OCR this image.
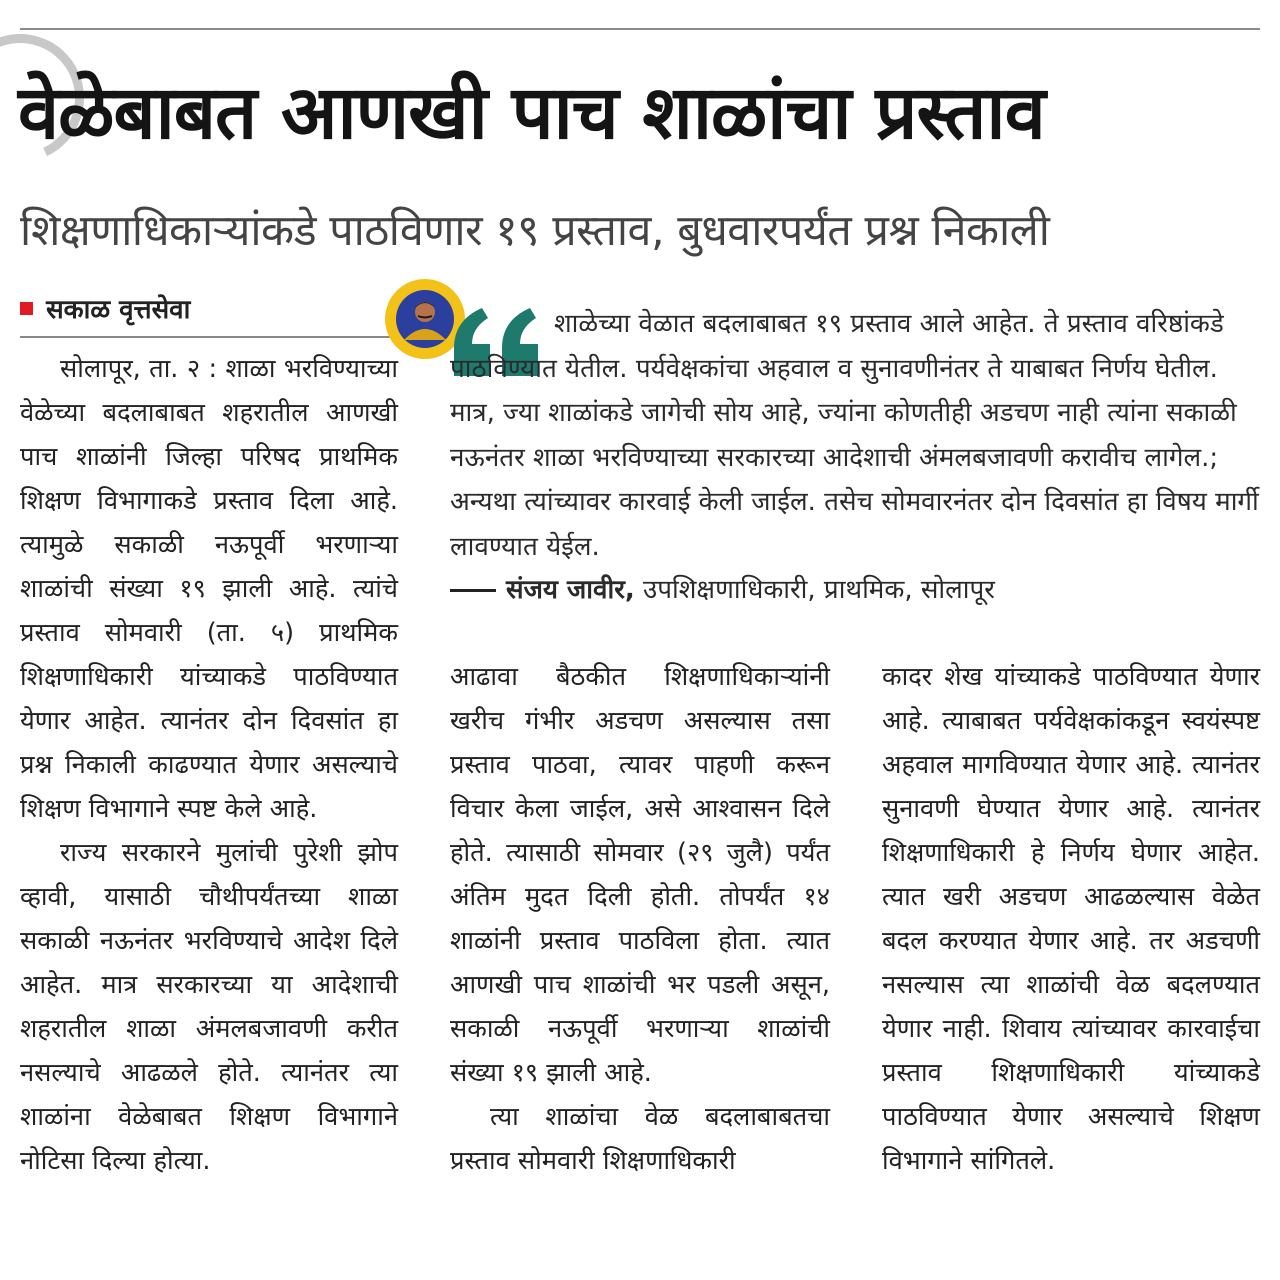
वेळेबाबत आणखी पाच शाळांचा प्रस्ताव
शिक्षणाधिकाऱ्यांकडे पाठविणार १९ प्रस्ताव, बुधवारपर्यंत प्रश्न निकाली
सकाळ वृत्तसेवा	शाळेच्या वेळात बदलाबाबत १९ प्रस्ताव आले आहेत. ते प्रस्ताव वरिष्ठांकडे पाठविण्यात येतील. पर्यवेक्षकांचा अहवाल व सुनावणीनंतर ते याबाबत निर्णय घेतील. मात्र, ज्या शाळांकडे जागेची सोय आहे, ज्यांना कोणतीही अडचण नाही त्यांना सकाळी नऊनंतर शाळा भरविण्याच्या सरकारच्या आदेशाची अंमलबजावणी करावीच लागेल.; अन्यथा त्यांच्यावर कारवाई केली जाईल. तसेच सोमवारनंतर दोन दिवसांत हा विषय मार्गी लावण्यात येईल.
संजय जावीर, उपशिक्षणाधिकारी, प्राथमिक, सोलापूर

सोलापूर, ता. २ : शाळा भरविण्याच्या वेळेच्या बदलाबाबत शहरातील आणखी पाच शाळांनी जिल्हा परिषद प्राथमिक शिक्षण विभागाकडे प्रस्ताव दिला आहे. त्यामुळे सकाळी नऊपूर्वी भरणाऱ्या शाळांची संख्या १९ झाली आहे. त्यांचे प्रस्ताव सोमवारी (ता. ५) प्राथमिक शिक्षणाधिकारी यांच्याकडे पाठविण्यात येणार आहेत. त्यानंतर दोन दिवसांत हा प्रश्न निकाली काढण्यात येणार असल्याचे शिक्षण विभागाने स्पष्ट केले आहे.

राज्य सरकारने मुलांची पुरेशी झोप व्हावी, यासाठी चौथीपर्यंतच्या शाळा सकाळी नऊनंतर भरविण्याचे आदेश दिले आहेत. मात्र सरकारच्या या आदेशाची शहरातील शाळा अंमलबजावणी करीत नसल्याचे आढळले होते. त्यानंतर त्या शाळांना वेळेबाबत शिक्षण विभागाने नोटिसा दिल्या होत्या.

आढावा बैठकीत शिक्षणाधिकाऱ्यांनी खरीच गंभीर अडचण असल्यास तसा प्रस्ताव पाठवा, त्यावर पाहणी करून विचार केला जाईल, असे आश्वासन दिले होते. त्यासाठी सोमवार (२९ जुलै) पर्यंत अंतिम मुदत दिली होती. तोपर्यंत १४ शाळांनी प्रस्ताव पाठविला होता. त्यात आणखी पाच शाळांची भर पडली असून, सकाळी नऊपूर्वी भरणाऱ्या शाळांची संख्या १९ झाली आहे.

त्या शाळांचा वेळ बदलाबाबतचा प्रस्ताव सोमवारी शिक्षणाधिकारी

कादर शेख यांच्याकडे पाठविण्यात येणार आहे. त्याबाबत पर्यवेक्षकांकडून स्वयंस्पष्ट अहवाल मागविण्यात येणार आहे. त्यानंतर सुनावणी घेण्यात येणार आहे. त्यानंतर शिक्षणाधिकारी हे निर्णय घेणार आहेत. त्यात खरी अडचण आढळल्यास वेळेत बदल करण्यात येणार आहे. तर अडचणी नसल्यास त्या शाळांची वेळ बदलण्यात येणार नाही. शिवाय त्यांच्यावर कारवाईचा प्रस्ताव शिक्षणाधिकारी यांच्याकडे पाठविण्यात येणार असल्याचे शिक्षण विभागाने सांगितले.
